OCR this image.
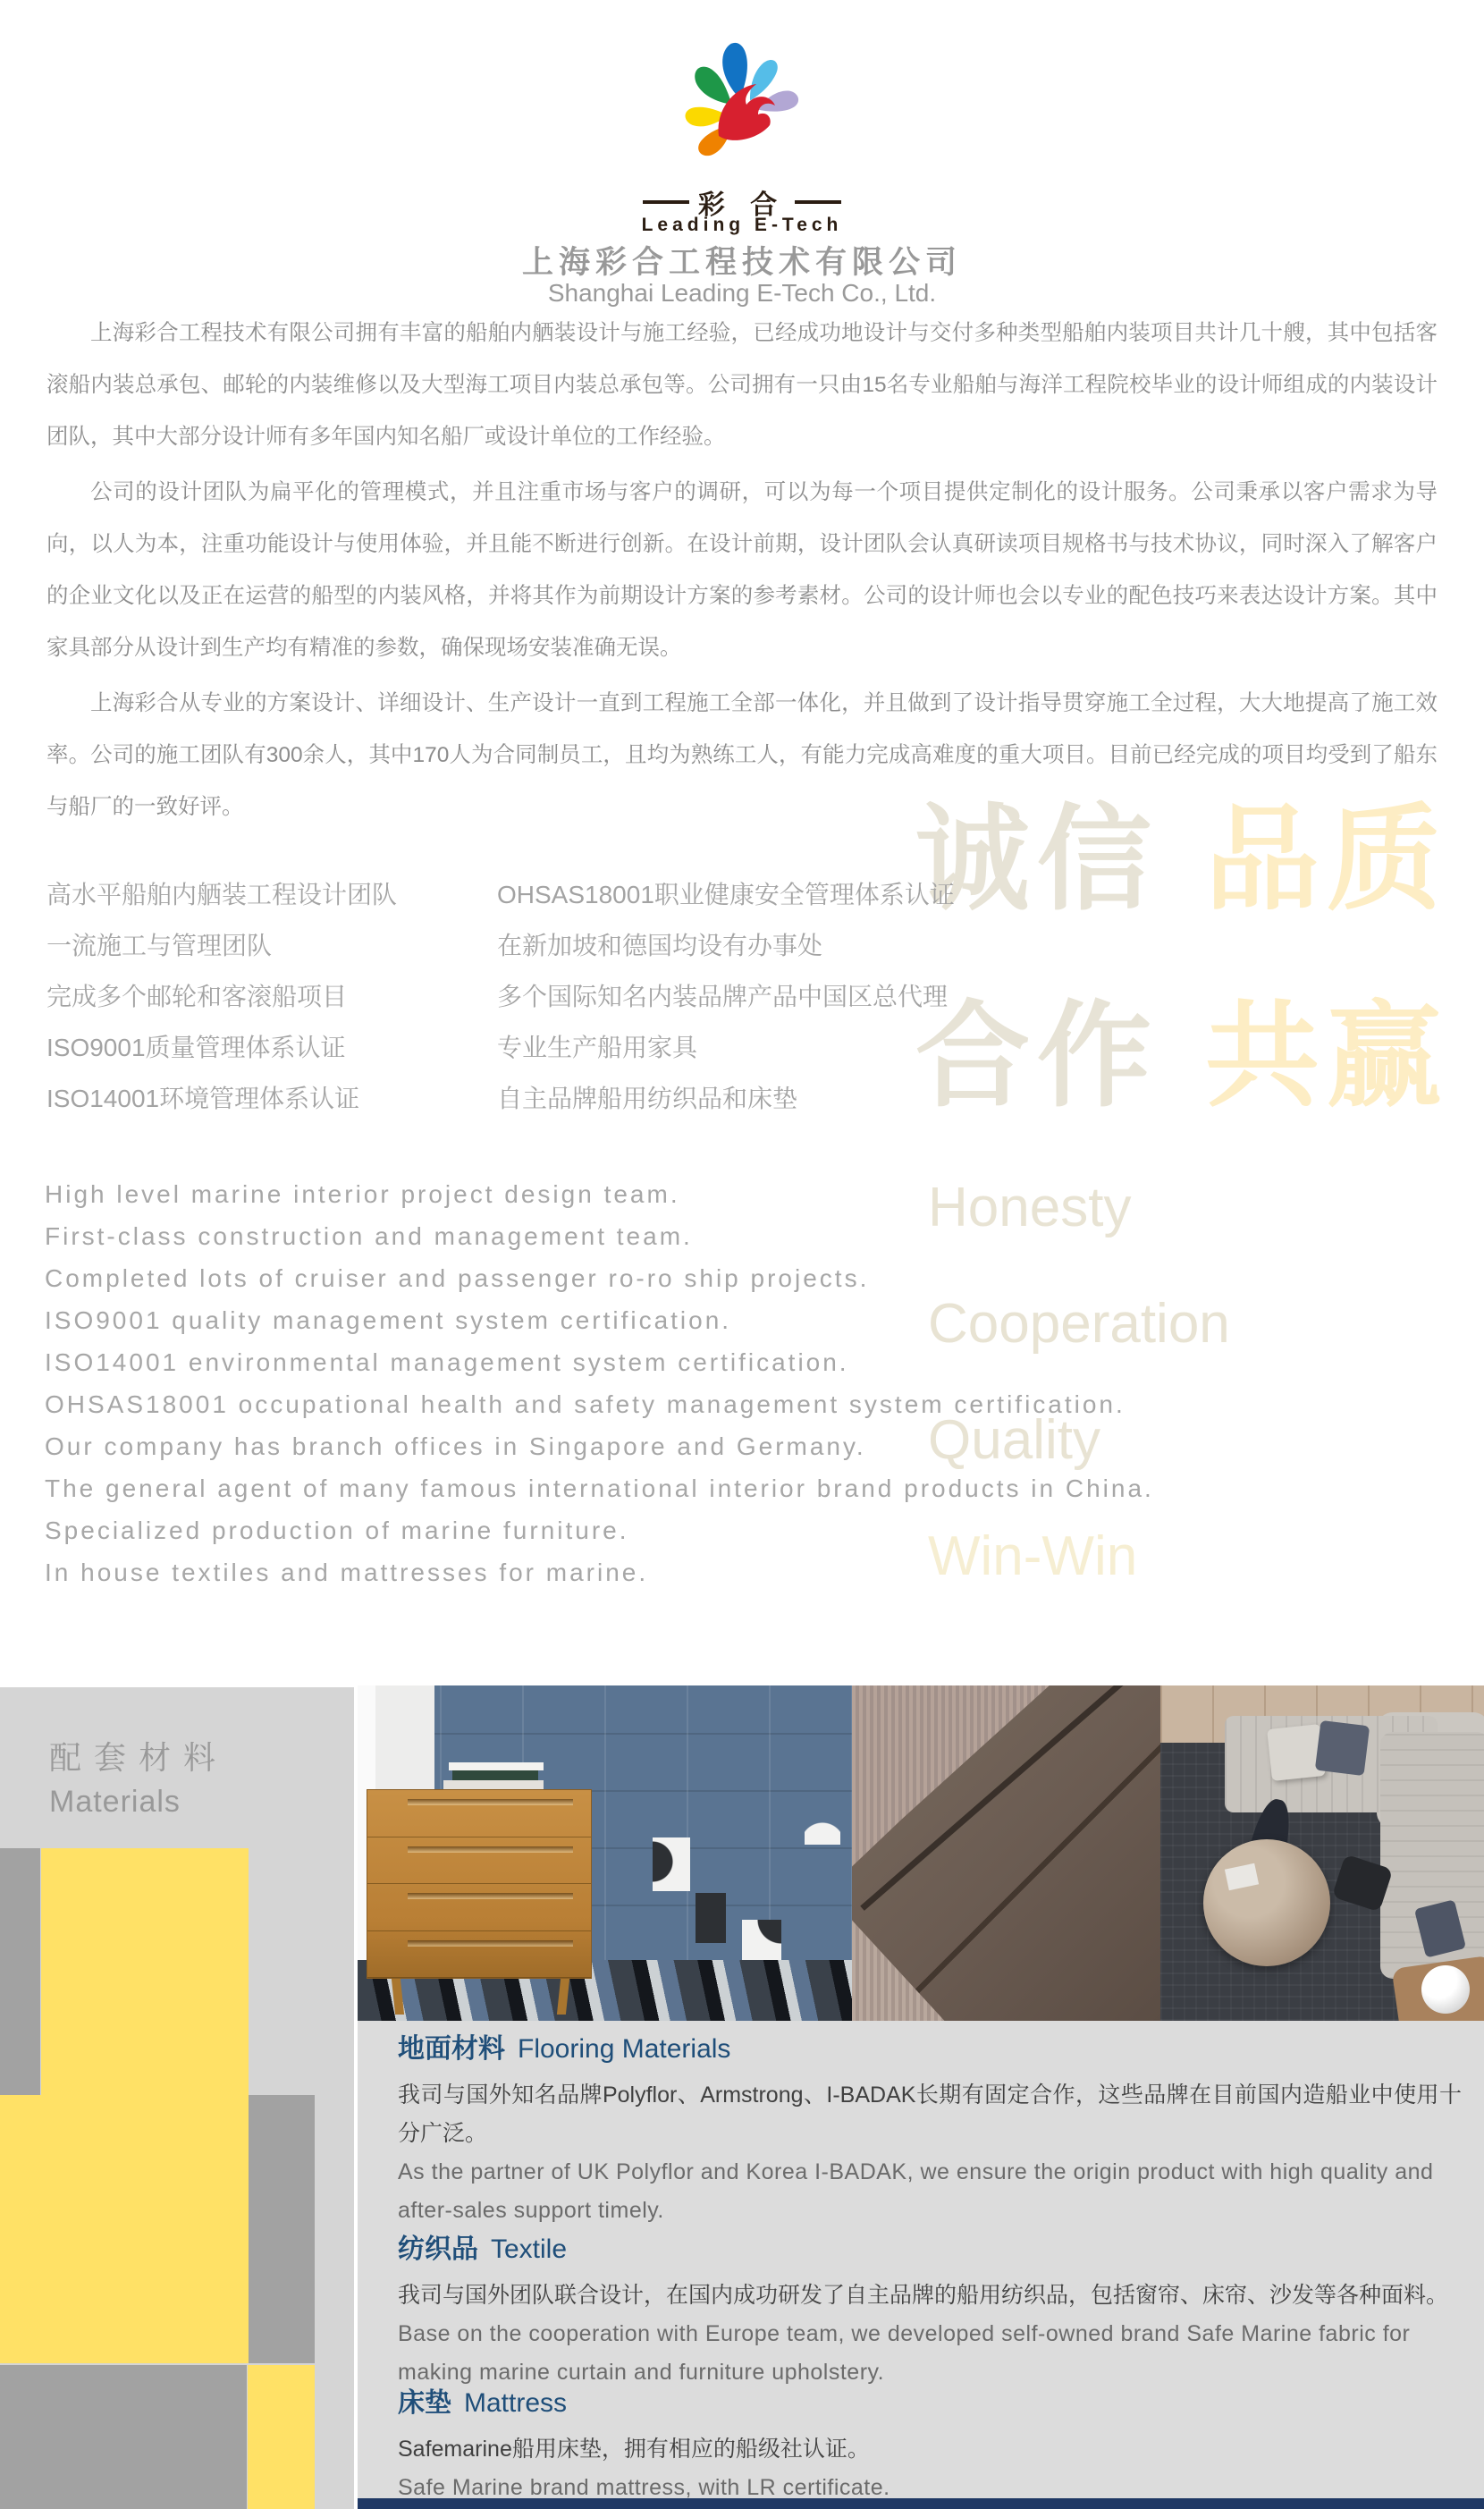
彩 合
Leading E-Tech
上海彩合工程技术有限公司
Shanghai Leading E-Tech Co., Ltd.

上海彩合工程技术有限公司拥有丰富的船舶内舾装设计与施工经验，已经成功地设计与交付多种类型船舶内装项目共计几十艘，其中包括客滚船内装总承包、邮轮的内装维修以及大型海工项目内装总承包等。公司拥有一只由15名专业船舶与海洋工程院校毕业的设计师组成的内装设计团队，其中大部分设计师有多年国内知名船厂或设计单位的工作经验。

公司的设计团队为扁平化的管理模式，并且注重市场与客户的调研，可以为每一个项目提供定制化的设计服务。公司秉承以客户需求为导向，以人为本，注重功能设计与使用体验，并且能不断进行创新。在设计前期，设计团队会认真研读项目规格书与技术协议，同时深入了解客户的企业文化以及正在运营的船型的内装风格，并将其作为前期设计方案的参考素材。公司的设计师也会以专业的配色技巧来表达设计方案。其中家具部分从设计到生产均有精准的参数，确保现场安装准确无误。

上海彩合从专业的方案设计、详细设计、生产设计一直到工程施工全部一体化，并且做到了设计指导贯穿施工全过程，大大地提高了施工效率。公司的施工团队有300余人，其中170人为合同制员工，且均为熟练工人，有能力完成高难度的重大项目。目前已经完成的项目均受到了船东与船厂的一致好评。	诚信 品质
合作 共赢
Honesty
Cooperation
Quality
Win-Win
高水平船舶内舾装工程设计团队
一流施工与管理团队
完成多个邮轮和客滚船项目
ISO9001质量管理体系认证
ISO14001环境管理体系认证
OHSAS18001职业健康安全管理体系认证
在新加坡和德国均设有办事处
多个国际知名内装品牌产品中国区总代理
专业生产船用家具
自主品牌船用纺织品和床垫
High level marine interior project design team.
First-class construction and management team.
Completed lots of cruiser and passenger ro-ro ship projects.
ISO9001 quality management system certification.
ISO14001 environmental management system certification.
OHSAS18001 occupational health and safety management system certification.
Our company has branch offices in Singapore and Germany.
The general agent of many famous international interior brand products in China.
Specialized production of marine furniture.
In house textiles and mattresses for marine.
配套材料
Materials
地面材料 Flooring Materials

我司与国外知名品牌Polyflor、Armstrong、I-BADAK长期有固定合作，这些品牌在目前国内造船业中使用十分广泛。

As the partner of UK Polyflor and Korea I-BADAK, we ensure the origin product with high quality and after-sales support timely.

纺织品 Textile

我司与国外团队联合设计，在国内成功研发了自主品牌的船用纺织品，包括窗帘、床帘、沙发等各种面料。

Base on the cooperation with Europe team, we developed self-owned brand Safe Marine fabric for making marine curtain and furniture upholstery.

床垫 Mattress

Safemarine船用床垫，拥有相应的船级社认证。

Safe Marine brand mattress, with LR certificate.
